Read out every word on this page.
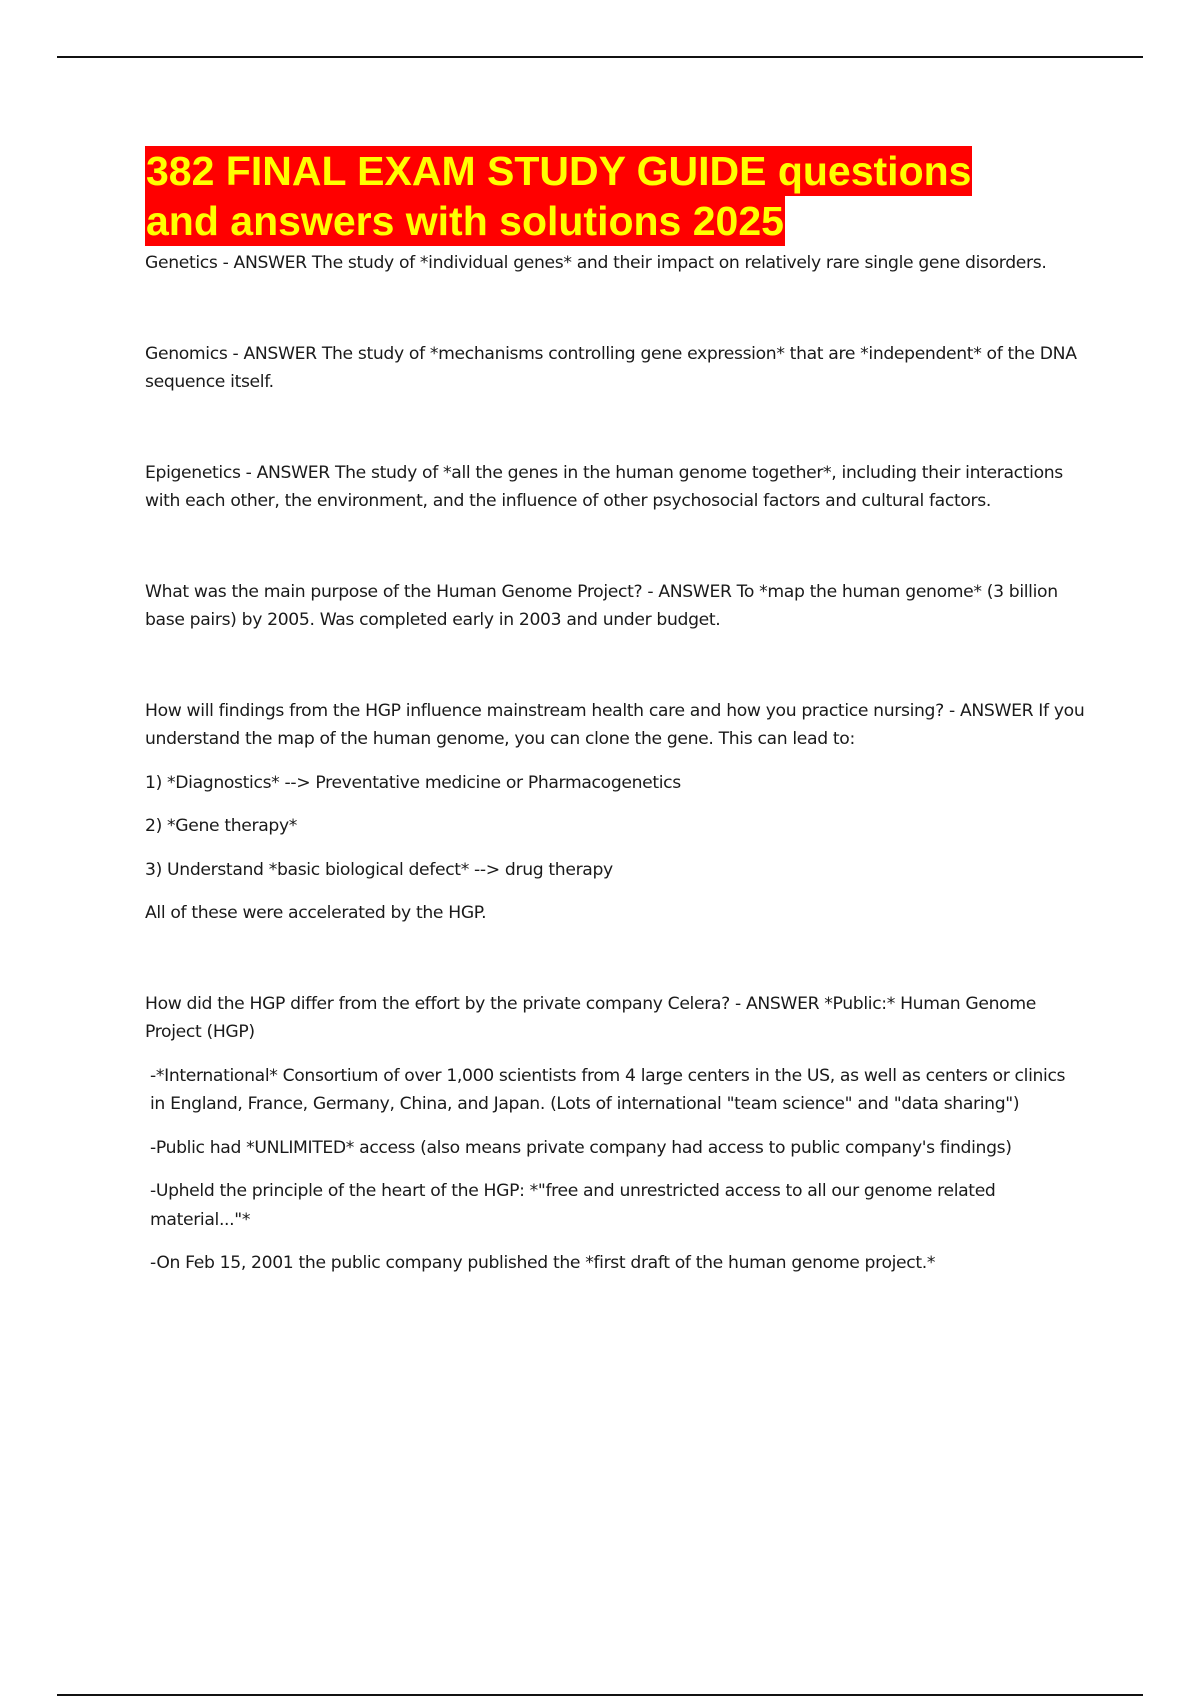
382 FINAL EXAM STUDY GUIDE questions
and answers with solutions 2025

Genetics - ANSWER The study of *individual genes* and their impact on relatively rare single gene disorders.

Genomics - ANSWER The study of *mechanisms controlling gene expression* that are *independent* of the DNA sequence itself.

Epigenetics - ANSWER The study of *all the genes in the human genome together*, including their interactions with each other, the environment, and the influence of other psychosocial factors and cultural factors.

What was the main purpose of the Human Genome Project? - ANSWER To *map the human genome* (3 billion base pairs) by 2005. Was completed early in 2003 and under budget.

How will findings from the HGP influence mainstream health care and how you practice nursing? - ANSWER If you understand the map of the human genome, you can clone the gene. This can lead to:

1) *Diagnostics* --> Preventative medicine or Pharmacogenetics

2) *Gene therapy*

3) Understand *basic biological defect* --> drug therapy

All of these were accelerated by the HGP.

How did the HGP differ from the effort by the private company Celera? - ANSWER *Public:* Human Genome Project (HGP)

-*International* Consortium of over 1,000 scientists from 4 large centers in the US, as well as centers or clinics in England, France, Germany, China, and Japan. (Lots of international "team science" and "data sharing")

-Public had *UNLIMITED* access (also means private company had access to public company's findings)

-Upheld the principle of the heart of the HGP: *"free and unrestricted access to all our genome related material..."*

-On Feb 15, 2001 the public company published the *first draft of the human genome project.*
